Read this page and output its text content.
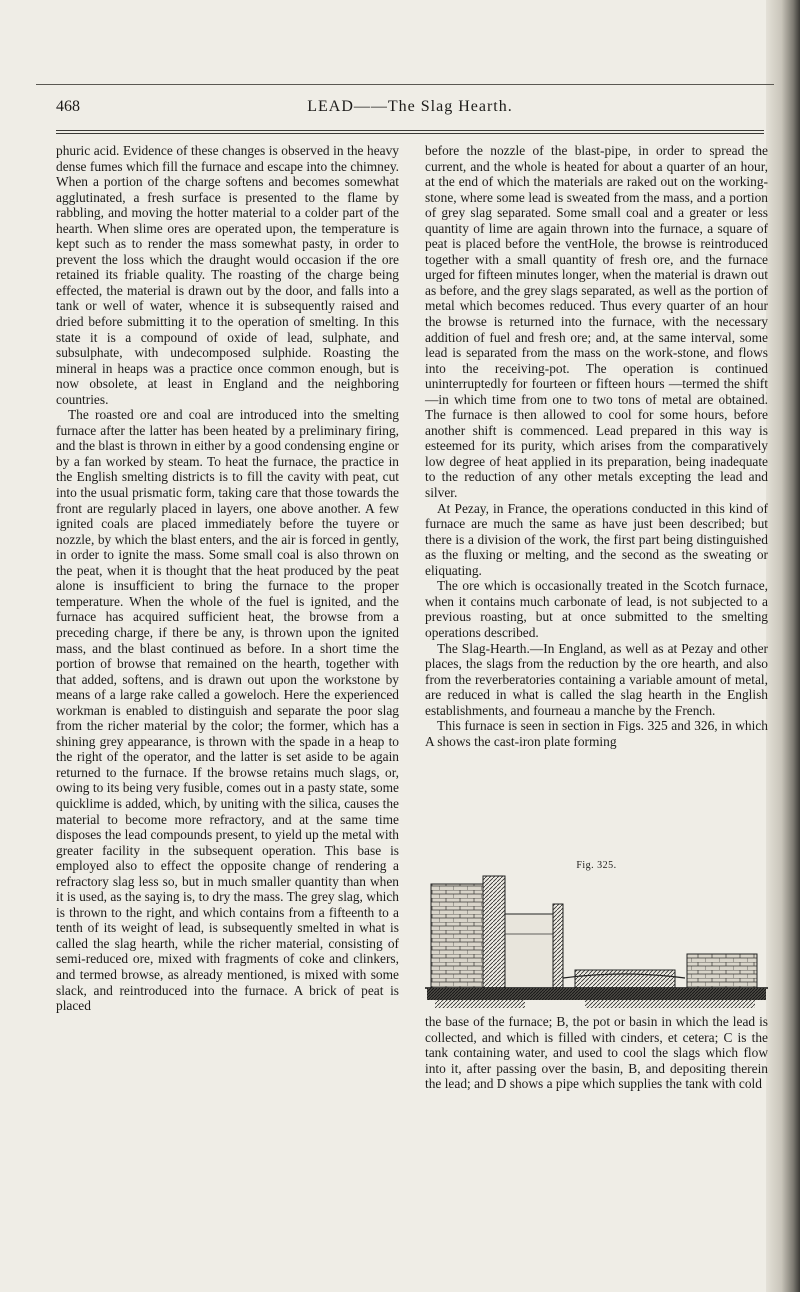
468	LEAD——The Slag Hearth.

phuric acid. Evidence of these changes is observed in the heavy dense fumes which fill the furnace and escape into the chimney. When a portion of the charge softens and becomes somewhat agglutinated, a fresh surface is presented to the flame by rabbling, and moving the hotter material to a colder part of the hearth. When slime ores are operated upon, the temperature is kept such as to render the mass somewhat pasty, in order to prevent the loss which the draught would occasion if the ore retained its friable quality. The roasting of the charge being effected, the material is drawn out by the door, and falls into a tank or well of water, whence it is subsequently raised and dried before submitting it to the operation of smelting. In this state it is a compound of oxide of lead, sulphate, and subsulphate, with undecomposed sulphide. Roasting the mineral in heaps was a practice once common enough, but is now obsolete, at least in England and the neighboring countries.

The roasted ore and coal are introduced into the smelting furnace after the latter has been heated by a preliminary firing, and the blast is thrown in either by a good condensing engine or by a fan worked by steam. To heat the furnace, the practice in the English smelting districts is to fill the cavity with peat, cut into the usual prismatic form, taking care that those towards the front are regularly placed in layers, one above another. A few ignited coals are placed immediately before the tuyere or nozzle, by which the blast enters, and the air is forced in gently, in order to ignite the mass. Some small coal is also thrown on the peat, when it is thought that the heat produced by the peat alone is insufficient to bring the furnace to the proper temperature. When the whole of the fuel is ignited, and the furnace has acquired sufficient heat, the browse from a preceding charge, if there be any, is thrown upon the ignited mass, and the blast continued as before. In a short time the portion of browse that remained on the hearth, together with that added, softens, and is drawn out upon the workstone by means of a large rake called a goweloch. Here the experienced workman is enabled to distinguish and separate the poor slag from the richer material by the color; the former, which has a shining grey appearance, is thrown with the spade in a heap to the right of the operator, and the latter is set aside to be again returned to the furnace. If the browse retains much slags, or, owing to its being very fusible, comes out in a pasty state, some quicklime is added, which, by uniting with the silica, causes the material to become more refractory, and at the same time disposes the lead compounds present, to yield up the metal with greater facility in the subsequent operation. This base is employed also to effect the opposite change of rendering a refractory slag less so, but in much smaller quantity than when it is used, as the saying is, to dry the mass. The grey slag, which is thrown to the right, and which contains from a fifteenth to a tenth of its weight of lead, is subsequently smelted in what is called the slag hearth, while the richer material, consisting of semi-reduced ore, mixed with fragments of coke and clinkers, and termed browse, as already mentioned, is mixed with some slack, and reintroduced into the furnace. A brick of peat is placed

before the nozzle of the blast-pipe, in order to spread the current, and the whole is heated for about a quarter of an hour, at the end of which the materials are raked out on the working-stone, where some lead is sweated from the mass, and a portion of grey slag separated. Some small coal and a greater or less quantity of lime are again thrown into the furnace, a square of peat is placed before the ventHole, the browse is reintroduced together with a small quantity of fresh ore, and the furnace urged for fifteen minutes longer, when the material is drawn out as before, and the grey slags separated, as well as the portion of metal which becomes reduced. Thus every quarter of an hour the browse is returned into the furnace, with the necessary addition of fuel and fresh ore; and, at the same interval, some lead is separated from the mass on the work-stone, and flows into the receiving-pot. The operation is continued uninterruptedly for fourteen or fifteen hours —termed the shift—in which time from one to two tons of metal are obtained. The furnace is then allowed to cool for some hours, before another shift is commenced. Lead prepared in this way is esteemed for its purity, which arises from the comparatively low degree of heat applied in its preparation, being inadequate to the reduction of any other metals excepting the lead and silver.

At Pezay, in France, the operations conducted in this kind of furnace are much the same as have just been described; but there is a division of the work, the first part being distinguished as the fluxing or melting, and the second as the sweating or eliquating.

The ore which is occasionally treated in the Scotch furnace, when it contains much carbonate of lead, is not subjected to a previous roasting, but at once submitted to the smelting operations described.

The Slag-Hearth.—In England, as well as at Pezay and other places, the slags from the reduction by the ore hearth, and also from the reverberatories containing a variable amount of metal, are reduced in what is called the slag hearth in the English establishments, and fourneau a manche by the French.

This furnace is seen in section in Figs. 325 and 326, in which A shows the cast-iron plate forming

Fig. 325.

the base of the furnace; B, the pot or basin in which the lead is collected, and which is filled with cinders, et cetera; C is the tank containing water, and used to cool the slags which flow into it, after passing over the basin, B, and depositing therein the lead; and D shows a pipe which supplies the tank with cold
